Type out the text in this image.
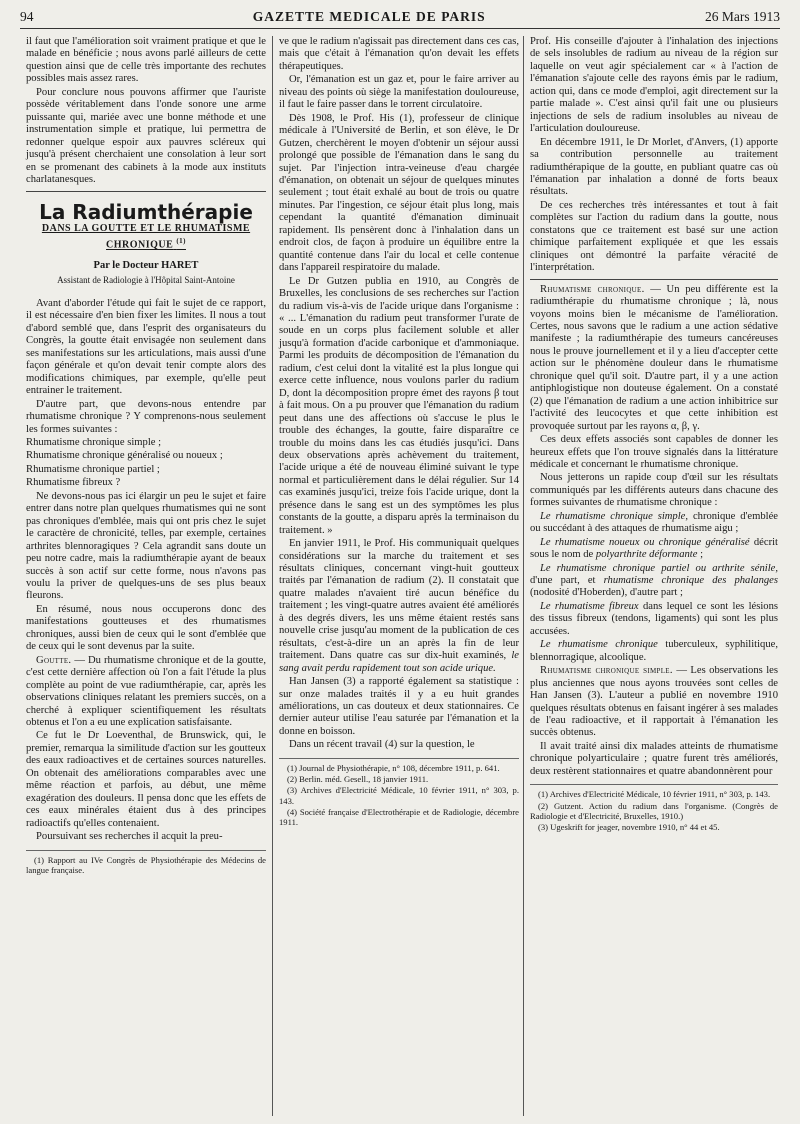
94	GAZETTE MEDICALE DE PARIS	26 Mars 1913

il faut que l'amélioration soit vraiment pratique et que le malade en bénéficie ; nous avons parlé ailleurs de cette question ainsi que de celle très importante des rechutes possibles mais assez rares.

Pour conclure nous pouvons affirmer que l'auriste possède véritablement dans l'onde sonore une arme puissante qui, mariée avec une bonne méthode et une instrumentation simple et pratique, lui permettra de redonner quelque espoir aux pauvres scléreux qui jusqu'à présent cherchaient une consolation à leur sort en se promenant des cabinets à la mode aux instituts charlatanesques.

La Radiumthérapie

DANS LA GOUTTE ET LE RHUMATISME CHRONIQUE $^{(1)}$

Par le Docteur HARET

Assistant de Radiologie à l'Hôpital Saint-Antoine

Avant d'aborder l'étude qui fait le sujet de ce rapport, il est nécessaire d'en bien fixer les limites. Il nous a tout d'abord semblé que, dans l'esprit des organisateurs du Congrès, la goutte était envisagée non seulement dans ses manifestations sur les articulations, mais aussi d'une façon générale et qu'on devait tenir compte alors des modifications chimiques, par exemple, qu'elle peut entrainer le traitement.

D'autre part, que devons-nous entendre par rhumatisme chronique ? Y comprenons-nous seulement les formes suivantes :

Rhumatisme chronique simple ;

Rhumatisme chronique généralisé ou noueux ;

Rhumatisme chronique partiel ;

Rhumatisme fibreux ?

Ne devons-nous pas ici élargir un peu le sujet et faire entrer dans notre plan quelques rhumatismes qui ne sont pas chroniques d'emblée, mais qui ont pris chez le sujet le caractère de chronicité, telles, par exemple, certaines arthrites blennoragiques ? Cela agrandit sans doute un peu notre cadre, mais la radiumthérapie ayant de beaux succès à son actif sur cette forme, nous n'avons pas voulu la priver de quelques-uns de ses plus beaux fleurons.

En résumé, nous nous occuperons donc des manifestations goutteuses et des rhumatismes chroniques, aussi bien de ceux qui le sont d'emblée que de ceux qui le sont devenus par la suite.

Goutte. — Du rhumatisme chronique et de la goutte, c'est cette dernière affection où l'on a fait l'étude la plus complète au point de vue radiumthérapie, car, après les observations cliniques relatant les premiers succès, on a cherché à expliquer scientifiquement les résultats obtenus et l'on a eu une explication satisfaisante.

Ce fut le Dr Loeventhal, de Brunswick, qui, le premier, remarqua la similitude d'action sur les goutteux des eaux radioactives et de certaines sources naturelles. On obtenait des améliorations comparables avec une même réaction et parfois, au début, une même exagération des douleurs. Il pensa donc que les effets de ces eaux minérales étaient dus à des principes radioactifs qu'elles contenaient.

Poursuivant ses recherches il acquit la preu-

(1) Rapport au IVe Congrès de Physiothérapie des Médecins de langue française.

ve que le radium n'agissait pas directement dans ces cas, mais que c'était à l'émanation qu'on devait les effets thérapeutiques.

Or, l'émanation est un gaz et, pour le faire arriver au niveau des points où siège la manifestation douloureuse, il faut le faire passer dans le torrent circulatoire.

Dès 1908, le Prof. His (1), professeur de clinique médicale à l'Université de Berlin, et son élève, le Dr Gutzen, cherchèrent le moyen d'obtenir un séjour aussi prolongé que possible de l'émanation dans le sang du sujet. Par l'injection intra-veineuse d'eau chargée d'émanation, on obtenait un séjour de quelques minutes seulement ; tout était exhalé au bout de trois ou quatre minutes. Par l'ingestion, ce séjour était plus long, mais cependant la quantité d'émanation diminuait rapidement. Ils pensèrent donc à l'inhalation dans un endroit clos, de façon à produire un équilibre entre la quantité contenue dans l'air du local et celle contenue dans l'appareil respiratoire du malade.

Le Dr Gutzen publia en 1910, au Congrès de Bruxelles, les conclusions de ses recherches sur l'action du radium vis-à-vis de l'acide urique dans l'organisme : « ... L'émanation du radium peut transformer l'urate de soude en un corps plus facilement soluble et aller jusqu'à formation d'acide carbonique et d'ammoniaque. Parmi les produits de décomposition de l'émanation du radium, c'est celui dont la vitalité est la plus longue qui exerce cette influence, nous voulons parler du radium D, dont la décomposition propre émet des rayons β tout à fait mous. On a pu prouver que l'émanation du radium peut dans une des affections où s'accuse le plus le trouble des échanges, la goutte, faire disparaître ce trouble du moins dans les cas étudiés jusqu'ici. Dans deux observations après achèvement du traitement, l'acide urique a été de nouveau éliminé suivant le type normal et particulièrement dans le délai régulier. Sur 14 cas examinés jusqu'ici, treize fois l'acide urique, dont la présence dans le sang est un des symptômes les plus constants de la goutte, a disparu après la terminaison du traitement. »

En janvier 1911, le Prof. His communiquait quelques considérations sur la marche du traitement et ses résultats cliniques, concernant vingt-huit goutteux traités par l'émanation de radium (2). Il constatait que quatre malades n'avaient tiré aucun bénéfice du traitement ; les vingt-quatre autres avaient été améliorés à des degrés divers, les uns même étaient restés sans nouvelle crise jusqu'au moment de la publication de ces résultats, c'est-à-dire un an après la fin de leur traitement. Dans quatre cas sur dix-huit examinés, le sang avait perdu rapidement tout son acide urique.

Han Jansen (3) a rapporté également sa statistique : sur onze malades traités il y a eu huit grandes améliorations, un cas douteux et deux stationnaires. Ce dernier auteur utilise l'eau saturée par l'émanation et la donne en boisson.

Dans un récent travail (4) sur la question, le

(1) Journal de Physiothérapie, n° 108, décembre 1911, p. 641.

(2) Berlin. méd. Gesell., 18 janvier 1911.

(3) Archives d'Electricité Médicale, 10 février 1911, n° 303, p. 143.

(4) Société française d'Electrothérapie et de Radiologie, décembre 1911.

Prof. His conseille d'ajouter à l'inhalation des injections de sels insolubles de radium au niveau de la région sur laquelle on veut agir spécialement car « à l'action de l'émanation s'ajoute celle des rayons émis par le radium, action qui, dans ce mode d'emploi, agit directement sur la partie malade ». C'est ainsi qu'il fait une ou plusieurs injections de sels de radium insolubles au niveau de l'articulation douloureuse.

En décembre 1911, le Dr Morlet, d'Anvers, (1) apporte sa contribution personnelle au traitement radiumthérapique de la goutte, en publiant quatre cas où l'émanation par inhalation a donné de forts beaux résultats.

De ces recherches très intéressantes et tout à fait complètes sur l'action du radium dans la goutte, nous constatons que ce traitement est basé sur une action chimique parfaitement expliquée et que les essais cliniques ont démontré la parfaite véracité de l'interprétation.

Rhumatisme chronique. — Un peu différente est la radiumthérapie du rhumatisme chronique ; là, nous voyons moins bien le mécanisme de l'amélioration. Certes, nous savons que le radium a une action sédative manifeste ; la radiumthérapie des tumeurs cancéreuses nous le prouve journellement et il y a lieu d'accepter cette action sur le phénomène douleur dans le rhumatisme chronique quel qu'il soit. D'autre part, il y a une action antiphlogistique non douteuse également. On a constaté (2) que l'émanation de radium a une action inhibitrice sur l'activité des leucocytes et que cette inhibition est provoquée surtout par les rayons α, β, γ.

Ces deux effets associés sont capables de donner les heureux effets que l'on trouve signalés dans la littérature médicale et concernant le rhumatisme chronique.

Nous jetterons un rapide coup d'œil sur les résultats communiqués par les différents auteurs dans chacune des formes suivantes de rhumatisme chronique :

Le rhumatisme chronique simple, chronique d'emblée ou succédant à des attaques de rhumatisme aigu ;

Le rhumatisme noueux ou chronique généralisé décrit sous le nom de polyarthrite déformante ;

Le rhumatisme chronique partiel ou arthrite sénile, d'une part, et rhumatisme chronique des phalanges (nodosité d'Hoberden), d'autre part ;

Le rhumatisme fibreux dans lequel ce sont les lésions des tissus fibreux (tendons, ligaments) qui sont les plus accusées.

Le rhumatisme chronique tuberculeux, syphilitique, blennorragique, alcoolique.

Rhumatisme chronique simple. — Les observations les plus anciennes que nous ayons trouvées sont celles de Han Jansen (3). L'auteur a publié en novembre 1910 quelques résultats obtenus en faisant ingérer à ses malades de l'eau radioactive, et il rapportait à l'émanation les succès obtenus.

Il avait traité ainsi dix malades atteints de rhumatisme chronique polyarticulaire ; quatre furent très améliorés, deux restèrent stationnaires et quatre abandonnèrent pour

(1) Archives d'Electricité Médicale, 10 février 1911, n° 303, p. 143.

(2) Gutzent. Action du radium dans l'organisme. (Congrès de Radiologie et d'Electricité, Bruxelles, 1910.)

(3) Ugeskrift for jeager, novembre 1910, n° 44 et 45.
